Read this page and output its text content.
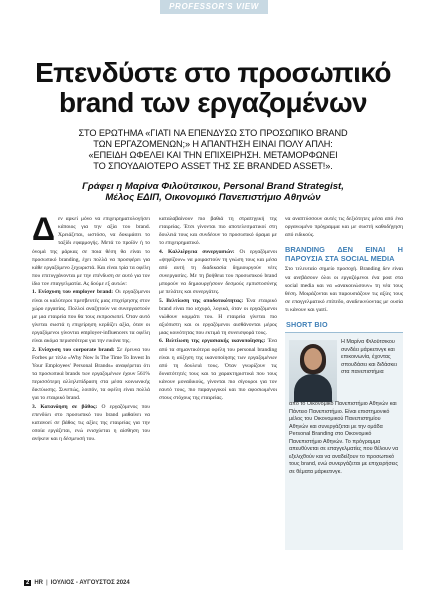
PROFESSOR'S VIEW
Επενδύστε στο προσωπικό
brand των εργαζομένων
ΣΤΟ ΕΡΩΤΗΜΑ «ΓΙΑΤΙ ΝΑ ΕΠΕΝΔΥΣΩ ΣΤΟ ΠΡΟΣΩΠΙΚΟ BRAND
ΤΩΝ ΕΡΓΑΖΟΜΕΝΩΝ;» Η ΑΠΑΝΤΗΣΗ ΕΙΝΑΙ ΠΟΛΥ ΑΠΛΗ:
«ΕΠΕΙΔΗ ΩΦΕΛΕΙ ΚΑΙ ΤΗΝ ΕΠΙΧΕΙΡΗΣΗ. ΜΕΤΑΜΟΡΦΩΝΕΙ
ΤΟ ΣΠΟΥΔΑΙΟΤΕΡΟ ASSET ΤΗΣ ΣΕ BRANDED ASSET!».
Γράφει η Μαρίνα Φιλοϋτσικου, Personal Brand Strategist,
Μέλος ΕΔΙΠ, Οικονομικό Πανεπιστήμιο Αθηνών

Δεν αρκεί μόνο να επιχειρηματολογήσει κάποιος για την αξία του brand. Χρειάζεται, ωστόσο, να δοκιμάσει το ταξίδι εφαρμογής. Μετά το προϊόν ή το όνομά της μάρκας σε ποια θέση θα είναι το προσωπικό branding, έχει πολλά να προσφέρει για κάθε εργαζόμενο ξεχωριστά. Και είναι τρία τα οφέλη που επιτυγχάνονται με την επένδυση σε αυτό για τον ίδιο τον επαγγελματία. Ας δούμε εξ αυτών:

1. Ενίσχυση του employer brand: Οι εργαζόμενοι είναι οι καλύτεροι πρεσβευτές μιας επιχείρησης στον χώρο εργασίας. Πολλοί αναζητούν να συνεργαστούν με μια εταιρεία που θα τους εκπροσωπεί. Όταν αυτό γίνεται σωστά η επιχείρηση κερδίζει αξία, όταν οι εργαζόμενοι γίνονται employer-influencers τα οφέλη είναι ακόμα περισσότερα για την εικόνα της.

2. Ενίσχυση του corporate brand: Σε έρευνα του Forbes με τίτλο «Why Now Is The Time To Invest In Your Employees' Personal Brands» αναφέρεται ότι τα προσωπικά brands των εργαζομένων έχουν 561% περισσότερη αλληλεπίδραση στα μέσα κοινωνικής δικτύωσης. Συνεπώς, λοιπόν, τα οφέλη είναι πολλά για το εταιρικό brand.

3. Κατανόηση σε βάθος: Ο εργαζόμενος που επενδύει στο προσωπικό του brand μαθαίνει να κατανοεί σε βάθος τις αξίες της εταιρείας για την οποία εργάζεται, ενώ ενισχύεται η αίσθηση του ανήκειν και η δέσμευσή του.

καταλαβαίνουν πιο βαθιά τη στρατηγική της εταιρείας. Έτσι γίνονται πιο αποτελεσματικοί στη δουλειά τους και συνδέουν το προσωπικό όραμα με το επιχειρηματικό.

4. Καλλιέργεια συνεργασιών: Οι εργαζόμενοι «ψηφίζουν» να μοιραστούν τη γνώση τους και μέσα από αυτή τη διαδικασία δημιουργούν νέες συνεργασίες. Με τη βοήθεια του προσωπικού brand μπορούν να δημιουργήσουν δεσμούς εμπιστοσύνης με πελάτες και συνεργάτες.

5. Βελτίωση της αποδοτικότητας: Ένα εταιρικό brand είναι πιο ισχυρό, λογικά, όταν οι εργαζόμενοι νιώθουν κομμάτι του. Η εταιρεία γίνεται πιο αξιόπιστη και οι εργαζόμενοι αισθάνονται μέρος μιας κοινότητας που εκτιμά τη συνεισφορά τους.

6. Βελτίωση της εργασιακής ικανοποίησης: Ένα από τα σημαντικότερα οφέλη του personal branding είναι η αύξηση της ικανοποίησης των εργαζομένων από τη δουλειά τους. Όταν γνωρίζουν τις δυνατότητές τους και τα χαρακτηριστικά που τους κάνουν μοναδικούς, γίνονται πιο σίγουροι για τον εαυτό τους, πιο παραγωγικοί και πιο αφοσιωμένοι στους στόχους της εταιρείας.

να αναπτύσσουν αυτές τις δεξιότητες μέσα από ένα οργανωμένο πρόγραμμα και με σωστή καθοδήγηση από ειδικούς.

BRANDING ΔΕΝ ΕΙΝΑΙ Η ΠΑΡΟΥΣΙΑ ΣΤΑ SOCIAL MEDIA

Στο τελευταίο σημείο προσοχή. Branding δεν είναι να ανεβάσουν όλοι οι εργαζόμενοι ένα post στα social media και να «ανακοινώσουν» τη νέα τους θέση. Μοιράζονται και παρουσιάζουν τις αξίες τους σε επαγγελματικό επίπεδο, αναδεικνύοντας με ουσία τι κάνουν και γιατί.

SHORT BIO
Η Μαρίνα Φιλοϋτσικου συνδέει μάρκετινγκ και επικοινωνία, έχοντας σπουδάσει και διδάσκει στα πανεπιστήμια
από το Οικονομικό Πανεπιστήμιο Αθηνών και Πάντειο Πανεπιστήμιο. Είναι επιστημονικό μέλος του Οικονομικού Πανεπιστημίου Αθηνών και συνεργάζεται με την ομάδα Personal Branding στο Οικονομικό Πανεπιστήμιο Αθηνών. Το πρόγραμμα απευθύνεται σε επαγγελματίες που θέλουν να εξελιχθούν και να αναδείξουν το προσωπικό τους brand, ενώ συνεργάζεται με επιχειρήσεις σε θέματα μάρκετινγκ.
2 HR | ΙΟΥΛΙΟΣ - ΑΥΓΟΥΣΤΟΣ 2024
